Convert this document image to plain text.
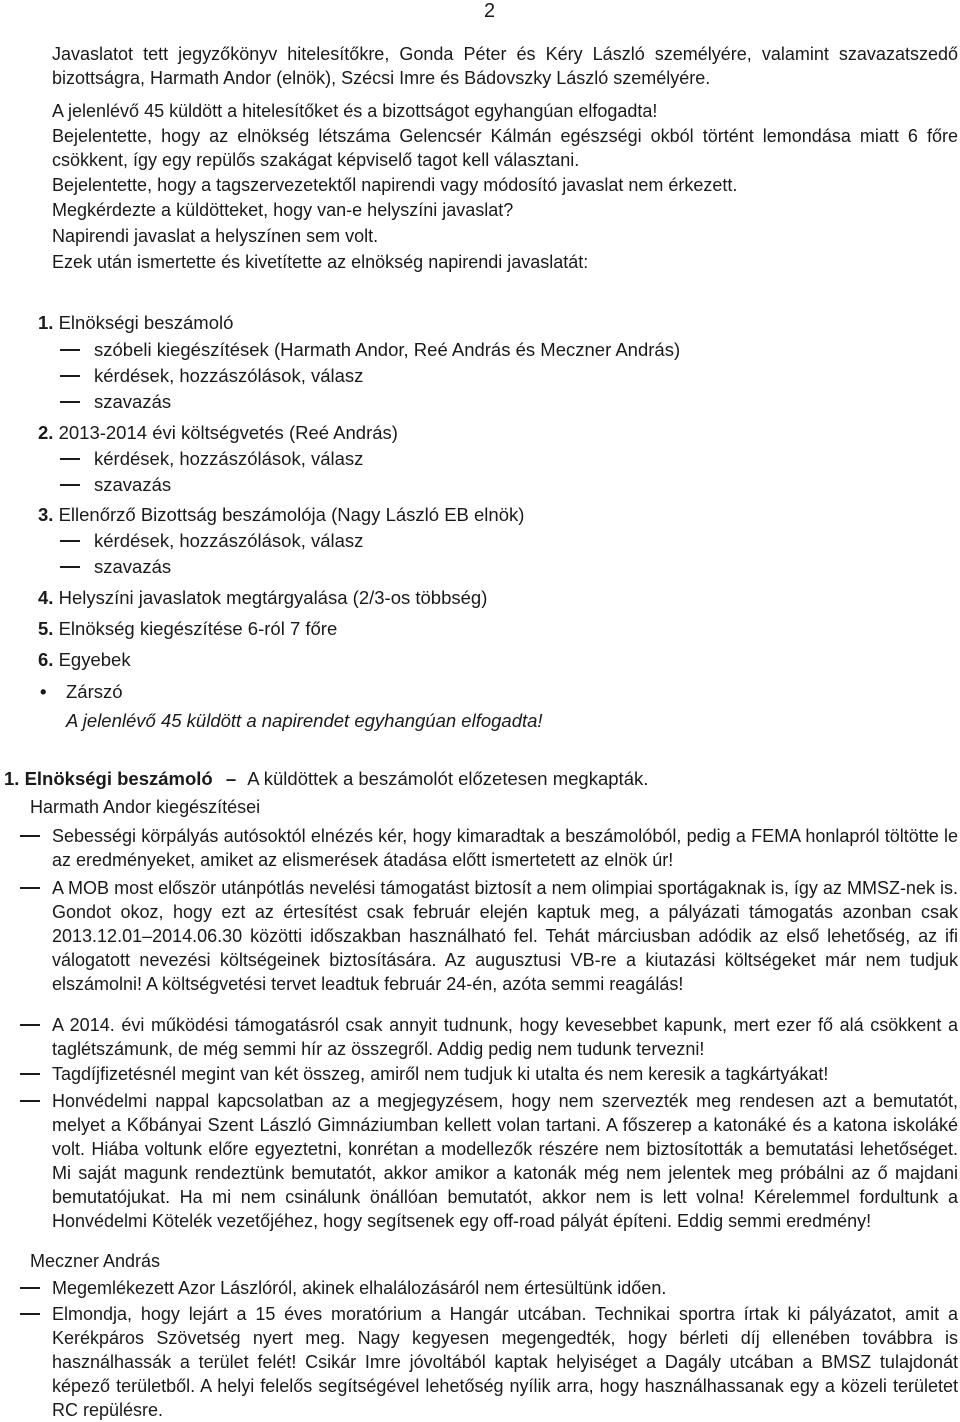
2
Javaslatot tett jegyzőkönyv hitelesítőkre, Gonda Péter és Kéry László személyére, valamint szavazatszedő bizottságra, Harmath Andor (elnök), Szécsi Imre és Bádovszky László személyére.
A jelenlévő 45 küldött a hitelesítőket és a bizottságot egyhangúan elfogadta!
Bejelentette, hogy az elnökség létszáma Gelencsér Kálmán egészségi okból történt lemondása miatt 6 főre csökkent, így egy repülős szakágat képviselő tagot kell választani.
Bejelentette, hogy a tagszervezetektől napirendi vagy módosító javaslat nem érkezett.
Megkérdezte a küldötteket, hogy van-e helyszíni javaslat?
Napirendi javaslat a helyszínen sem volt.
Ezek után ismertette és kivetítette az elnökség napirendi javaslatát:
1. Elnökségi beszámoló
szóbeli kiegészítések (Harmath Andor, Reé András és Meczner András)
kérdések, hozzászólások, válasz
szavazás
2. 2013-2014 évi költségvetés (Reé András)
kérdések, hozzászólások, válasz
szavazás
3. Ellenőrző Bizottság beszámolója (Nagy László EB elnök)
kérdések, hozzászólások, válasz
szavazás
4. Helyszíni javaslatok megtárgyalása (2/3-os többség)
5. Elnökség kiegészítése 6-ról 7 főre
6. Egyebek
• Zárszó
A jelenlévő 45 küldött a napirendet egyhangúan elfogadta!
1. Elnökségi beszámoló – A küldöttek a beszámolót előzetesen megkapták.
Harmath Andor kiegészítései
Sebességi körpályás autósoktól elnézés kér, hogy kimaradtak a beszámolóból, pedig a FEMA honlapról töltötte le az eredményeket, amiket az elismerések átadása előtt ismertetett az elnök úr!
A MOB most először utánpótlás nevelési támogatást biztosít a nem olimpiai sportágaknak is, így az MMSZ-nek is. Gondot okoz, hogy ezt az értesítést csak február elején kaptuk meg, a pályázati támogatás azonban csak 2013.12.01–2014.06.30 közötti időszakban használható fel. Tehát márciusban adódik az első lehetőség, az ifi válogatott nevezési költségeinek biztosítására. Az augusztusi VB-re a kiutazási költségeket már nem tudjuk elszámolni! A költségvetési tervet leadtuk február 24-én, azóta semmi reagálás!
A 2014. évi működési támogatásról csak annyit tudnunk, hogy kevesebbet kapunk, mert ezer fő alá csökkent a taglétszámunk, de még semmi hír az összegről. Addig pedig nem tudunk tervezni!
Tagdíjfizetésnél megint van két összeg, amiről nem tudjuk ki utalta és nem keresik a tagkártyákat!
Honvédelmi nappal kapcsolatban az a megjegyzésem, hogy nem szervezték meg rendesen azt a bemutatót, melyet a Kőbányai Szent László Gimnáziumban kellett volan tartani. A főszerep a katonáké és a katona iskoláké volt. Hiába voltunk előre egyeztetni, konrétan a modellezők részére nem biztosították a bemutatási lehetőséget. Mi saját magunk rendeztünk bemutatót, akkor amikor a katonák még nem jelentek meg próbálni az ő majdani bemutatójukat. Ha mi nem csinálunk önállóan bemutatót, akkor nem is lett volna! Kérelemmel fordultunk a Honvédelmi Kötelék vezetőjéhez, hogy segítsenek egy off-road pályát építeni. Eddig semmi eredmény!
Meczner András
Megemlékezett Azor Lászlóról, akinek elhalálozásáról nem értesültünk idően.
Elmondja, hogy lejárt a 15 éves moratórium a Hangár utcában. Technikai sportra írtak ki pályázatot, amit a Kerékpáros Szövetség nyert meg. Nagy kegyesen megengedték, hogy bérleti díj ellenében továbbra is használhassák a terület felét! Csikár Imre jóvoltából kaptak helyiséget a Dagály utcában a BMSZ tulajdonát képező területből. A helyi felelős segítségével lehetőség nyílik arra, hogy használhassanak egy a közeli területet RC repülésre.
